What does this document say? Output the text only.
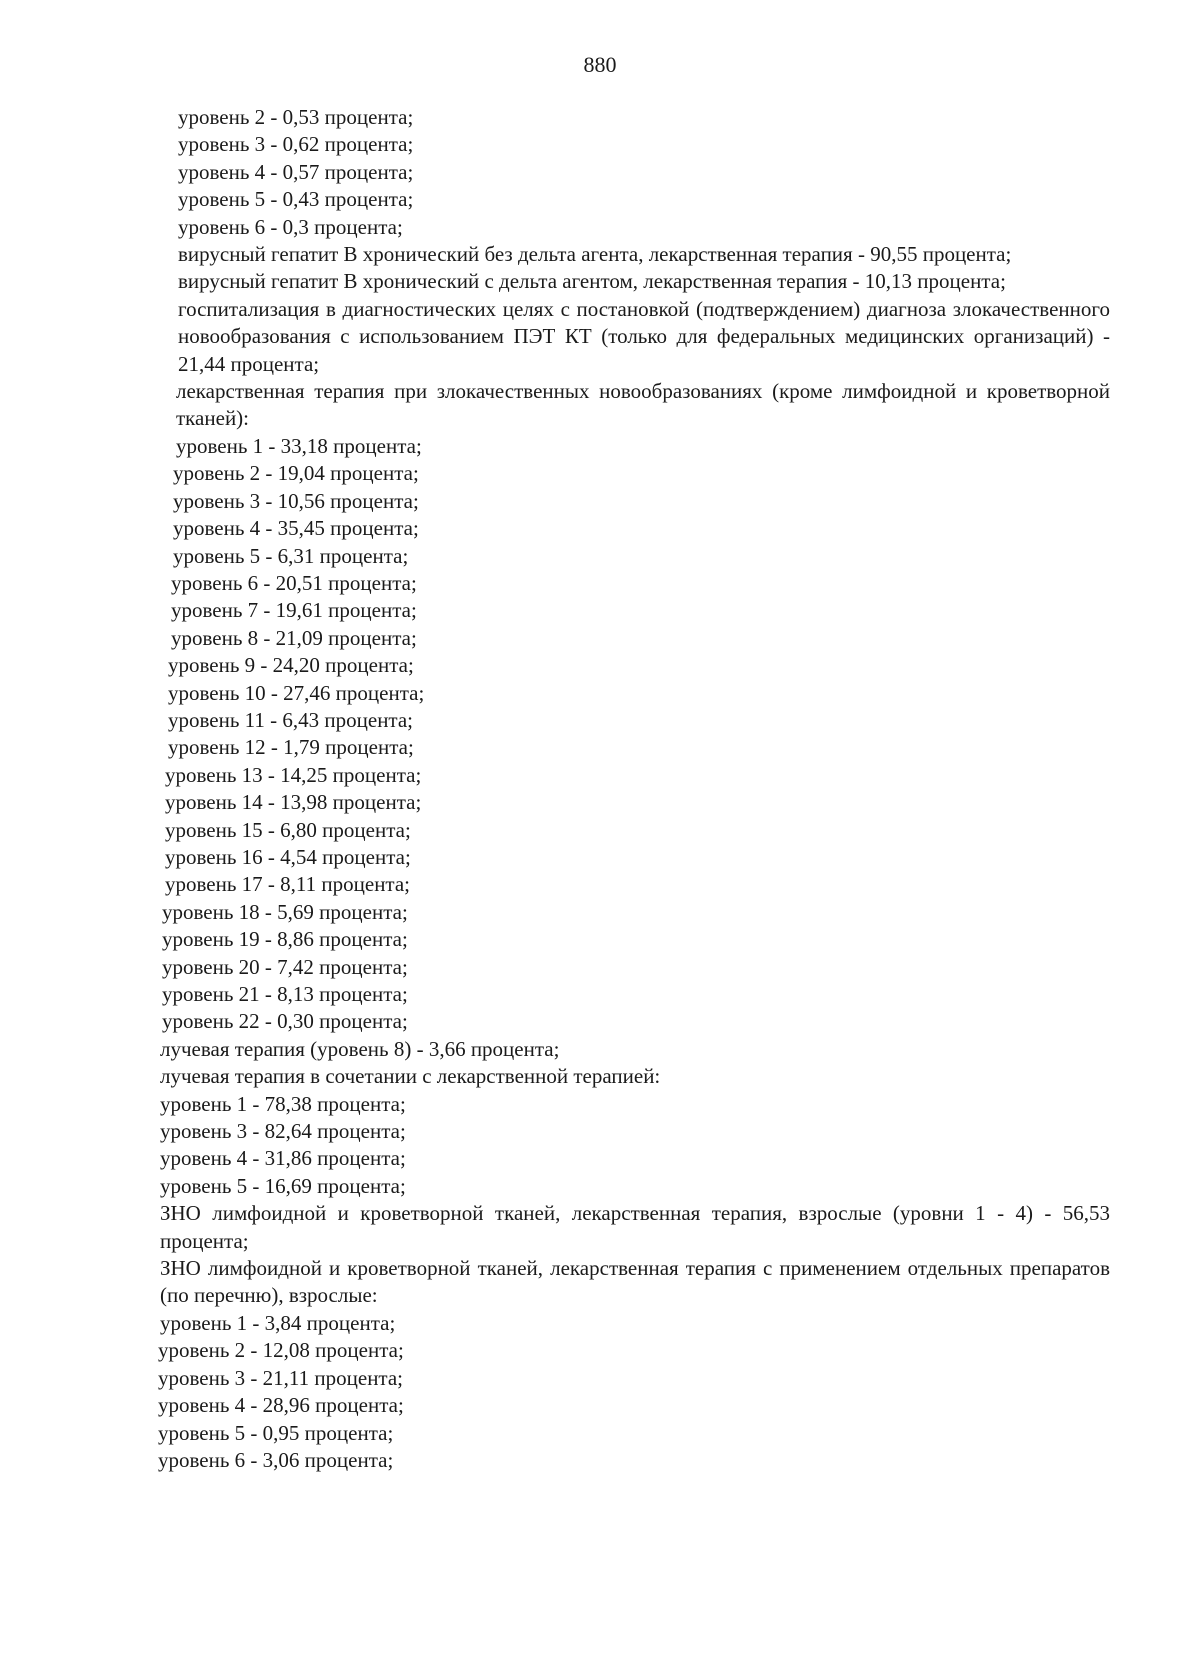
880
уровень 2 - 0,53 процента;
уровень 3 - 0,62 процента;
уровень 4 - 0,57 процента;
уровень 5 - 0,43 процента;
уровень 6 - 0,3 процента;
вирусный гепатит В хронический без дельта агента, лекарственная терапия - 90,55 процента;
вирусный гепатит В хронический с дельта агентом, лекарственная терапия - 10,13 процента;
госпитализация в диагностических целях с постановкой (подтверждением) диагноза злокачественного новообразования с использованием ПЭТ КТ (только для федеральных медицинских организаций) - 21,44 процента;
лекарственная терапия при злокачественных новообразованиях (кроме лимфоидной и кроветворной тканей):
уровень 1 - 33,18 процента;
уровень 2 - 19,04 процента;
уровень 3 - 10,56 процента;
уровень 4 - 35,45 процента;
уровень 5 - 6,31 процента;
уровень 6 - 20,51 процента;
уровень 7 - 19,61 процента;
уровень 8 - 21,09 процента;
уровень 9 - 24,20 процента;
уровень 10 - 27,46 процента;
уровень 11 - 6,43 процента;
уровень 12 - 1,79 процента;
уровень 13 - 14,25 процента;
уровень 14 - 13,98 процента;
уровень 15 - 6,80 процента;
уровень 16 - 4,54 процента;
уровень 17 - 8,11 процента;
уровень 18 - 5,69 процента;
уровень 19 - 8,86 процента;
уровень 20 - 7,42 процента;
уровень 21 - 8,13 процента;
уровень 22 - 0,30 процента;
лучевая терапия (уровень 8) - 3,66 процента;
лучевая терапия в сочетании с лекарственной терапией:
уровень 1 - 78,38 процента;
уровень 3 - 82,64 процента;
уровень 4 - 31,86 процента;
уровень 5 - 16,69 процента;
ЗНО лимфоидной и кроветворной тканей, лекарственная терапия, взрослые (уровни 1 - 4) - 56,53 процента;
ЗНО лимфоидной и кроветворной тканей, лекарственная терапия с применением отдельных препаратов (по перечню), взрослые:
уровень 1 - 3,84 процента;
уровень 2 - 12,08 процента;
уровень 3 - 21,11 процента;
уровень 4 - 28,96 процента;
уровень 5 - 0,95 процента;
уровень 6 - 3,06 процента;
